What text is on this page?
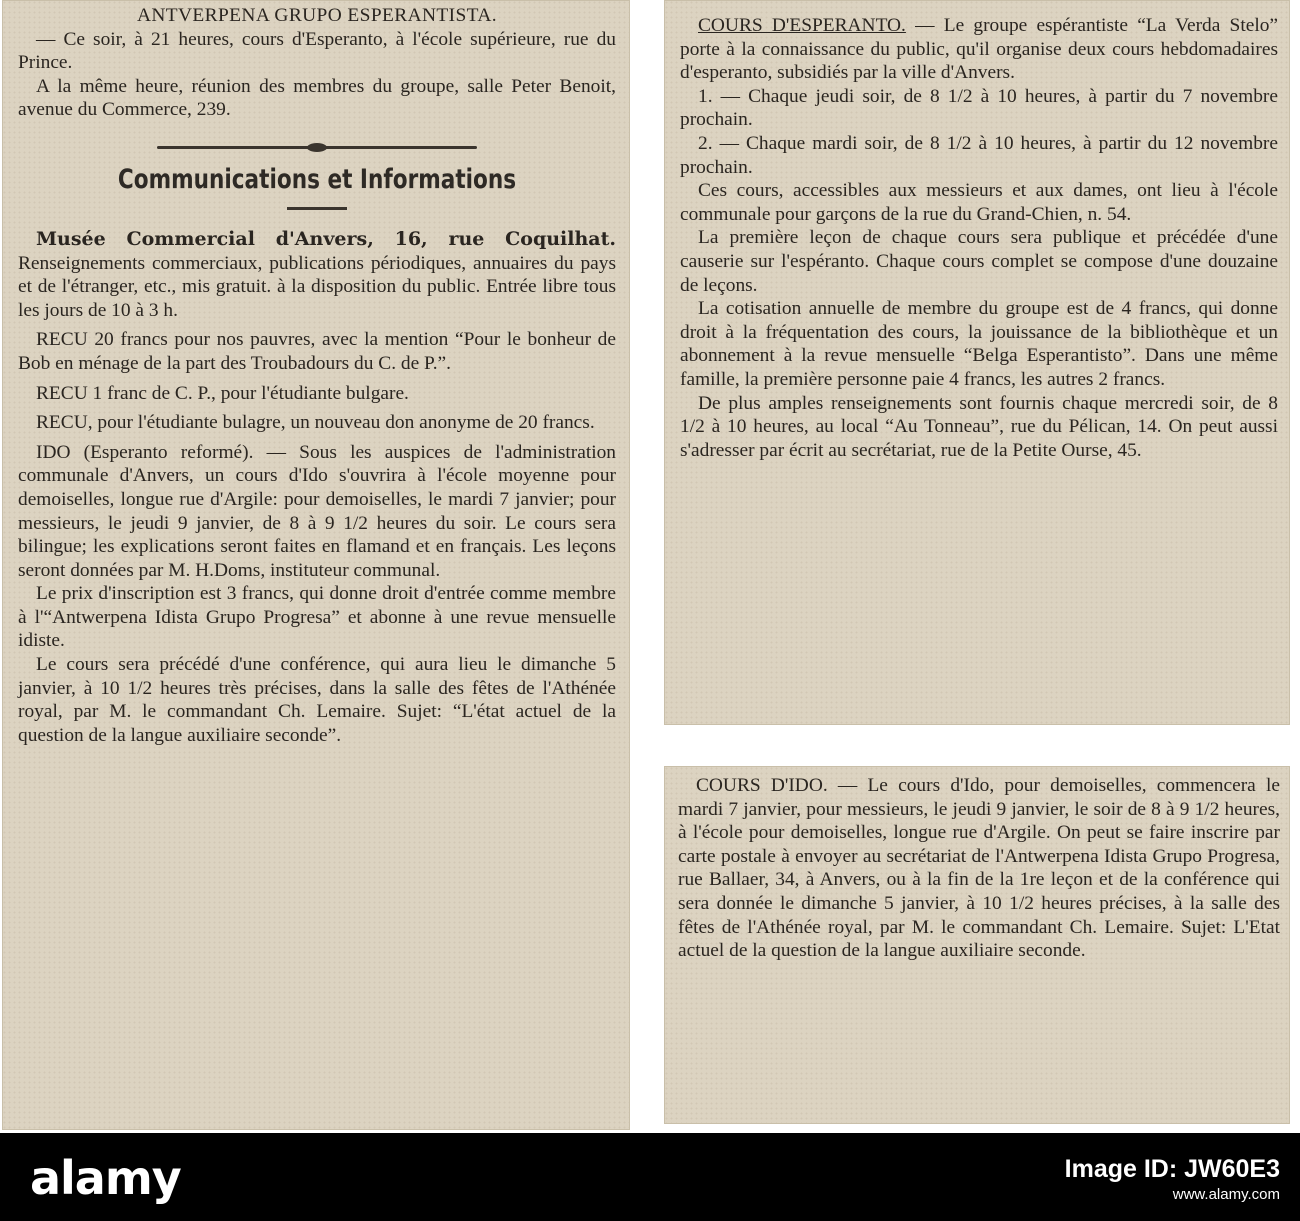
ANTVERPENA GRUPO ESPERANTISTA.

— Ce soir, à 21 heures, cours d'Esperanto, à l'école supérieure, rue du Prince.

A la même heure, réunion des membres du groupe, salle Peter Benoit, avenue du Commerce, 239.

Communications et Informations

Musée Commercial d'Anvers, 16, rue Coquilhat. Renseignements commerciaux, publications périodiques, annuaires du pays et de l'étranger, etc., mis gratuit. à la disposition du public. Entrée libre tous les jours de 10 à 3 h.

RECU 20 francs pour nos pauvres, avec la mention “Pour le bonheur de Bob en ménage de la part des Troubadours du C. de P.”.

RECU 1 franc de C. P., pour l'étudiante bulgare.

RECU, pour l'étudiante bulagre, un nouveau don anonyme de 20 francs.

IDO (Esperanto reformé). — Sous les auspices de l'administration communale d'Anvers, un cours d'Ido s'ouvrira à l'école moyenne pour demoiselles, longue rue d'Argile: pour demoiselles, le mardi 7 janvier; pour messieurs, le jeudi 9 janvier, de 8 à 9 1/2 heures du soir. Le cours sera bilingue; les explications seront faites en flamand et en français. Les leçons seront données par M. H.Doms, instituteur communal.

Le prix d'inscription est 3 francs, qui donne droit d'entrée comme membre à l'“Antwerpena Idista Grupo Progresa” et abonne à une revue mensuelle idiste.

Le cours sera précédé d'une conférence, qui aura lieu le dimanche 5 janvier, à 10 1/2 heures très précises, dans la salle des fêtes de l'Athénée royal, par M. le commandant Ch. Lemaire. Sujet: “L'état actuel de la question de la langue auxiliaire seconde”.

COURS D'ESPERANTO. — Le groupe espérantiste “La Verda Stelo” porte à la connaissance du public, qu'il organise deux cours hebdomadaires d'esperanto, subsidiés par la ville d'Anvers.

1. — Chaque jeudi soir, de 8 1/2 à 10 heures, à partir du 7 novembre prochain.

2. — Chaque mardi soir, de 8 1/2 à 10 heures, à partir du 12 novembre prochain.

Ces cours, accessibles aux messieurs et aux dames, ont lieu à l'école communale pour garçons de la rue du Grand-Chien, n. 54.

La première leçon de chaque cours sera publique et précédée d'une causerie sur l'espéranto. Chaque cours complet se compose d'une douzaine de leçons.

La cotisation annuelle de membre du groupe est de 4 francs, qui donne droit à la fréquentation des cours, la jouissance de la bibliothèque et un abonnement à la revue mensuelle “Belga Esperantisto”. Dans une même famille, la première personne paie 4 francs, les autres 2 francs.

De plus amples renseignements sont fournis chaque mercredi soir, de 8 1/2 à 10 heures, au local “Au Tonneau”, rue du Pélican, 14. On peut aussi s'adresser par écrit au secrétariat, rue de la Petite Ourse, 45.

COURS D'IDO. — Le cours d'Ido, pour demoiselles, commencera le mardi 7 janvier, pour messieurs, le jeudi 9 janvier, le soir de 8 à 9 1/2 heures, à l'école pour demoiselles, longue rue d'Argile. On peut se faire inscrire par carte postale à envoyer au secrétariat de l'Antwerpena Idista Grupo Progresa, rue Ballaer, 34, à Anvers, ou à la fin de la 1re leçon et de la conférence qui sera donnée le dimanche 5 janvier, à 10 1/2 heures précises, à la salle des fêtes de l'Athénée royal, par M. le commandant Ch. Lemaire. Sujet: L'Etat actuel de la question de la langue auxiliaire seconde.

alamy	Image ID: JW60E3
www.alamy.com
